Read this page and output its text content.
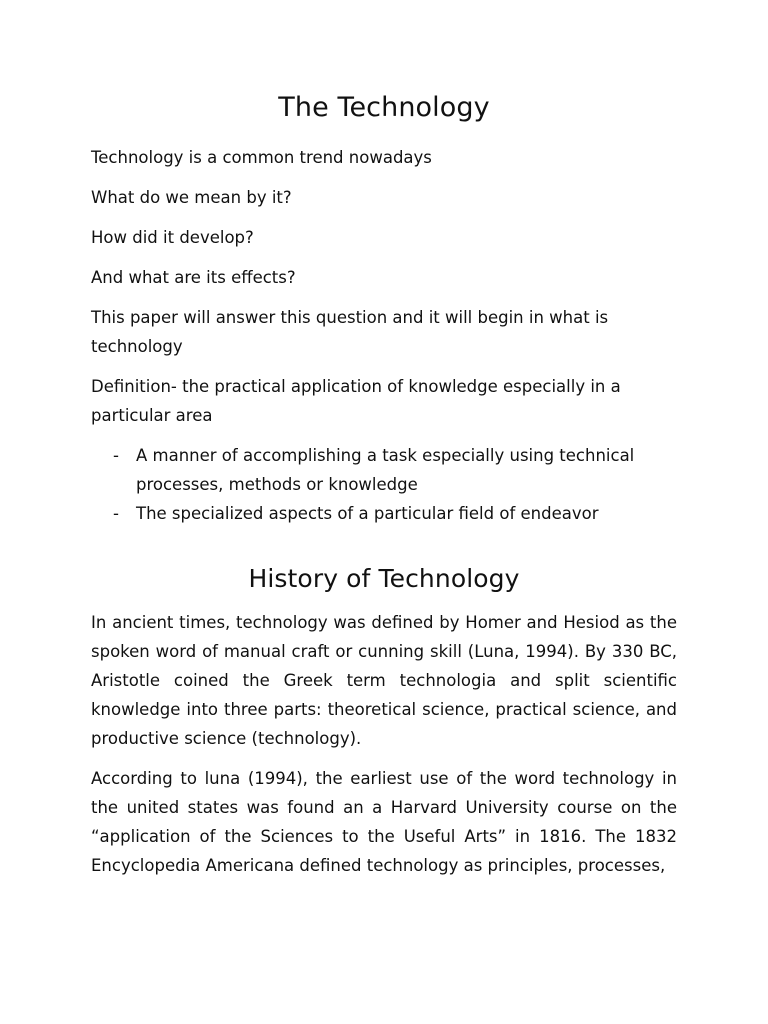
The Technology

Technology is a common trend nowadays

What do we mean by it?

How did it develop?

And what are its effects?

This paper will answer this question and it will begin in what is technology

Definition- the practical application of knowledge especially in a particular area

- A manner of accomplishing a task especially using technical processes, methods or knowledge
- The specialized aspects of a particular field of endeavor
History of Technology

In ancient times, technology was defined by Homer and Hesiod as the spoken word of manual craft or cunning skill (Luna, 1994). By 330 BC, Aristotle coined the Greek term technologia and split scientific knowledge into three parts: theoretical science, practical science, and productive science (technology).

According to luna (1994), the earliest use of the word technology in the united states was found an a Harvard University course on the “application of the Sciences to the Useful Arts” in 1816. The 1832 Encyclopedia Americana defined technology as principles, processes,
